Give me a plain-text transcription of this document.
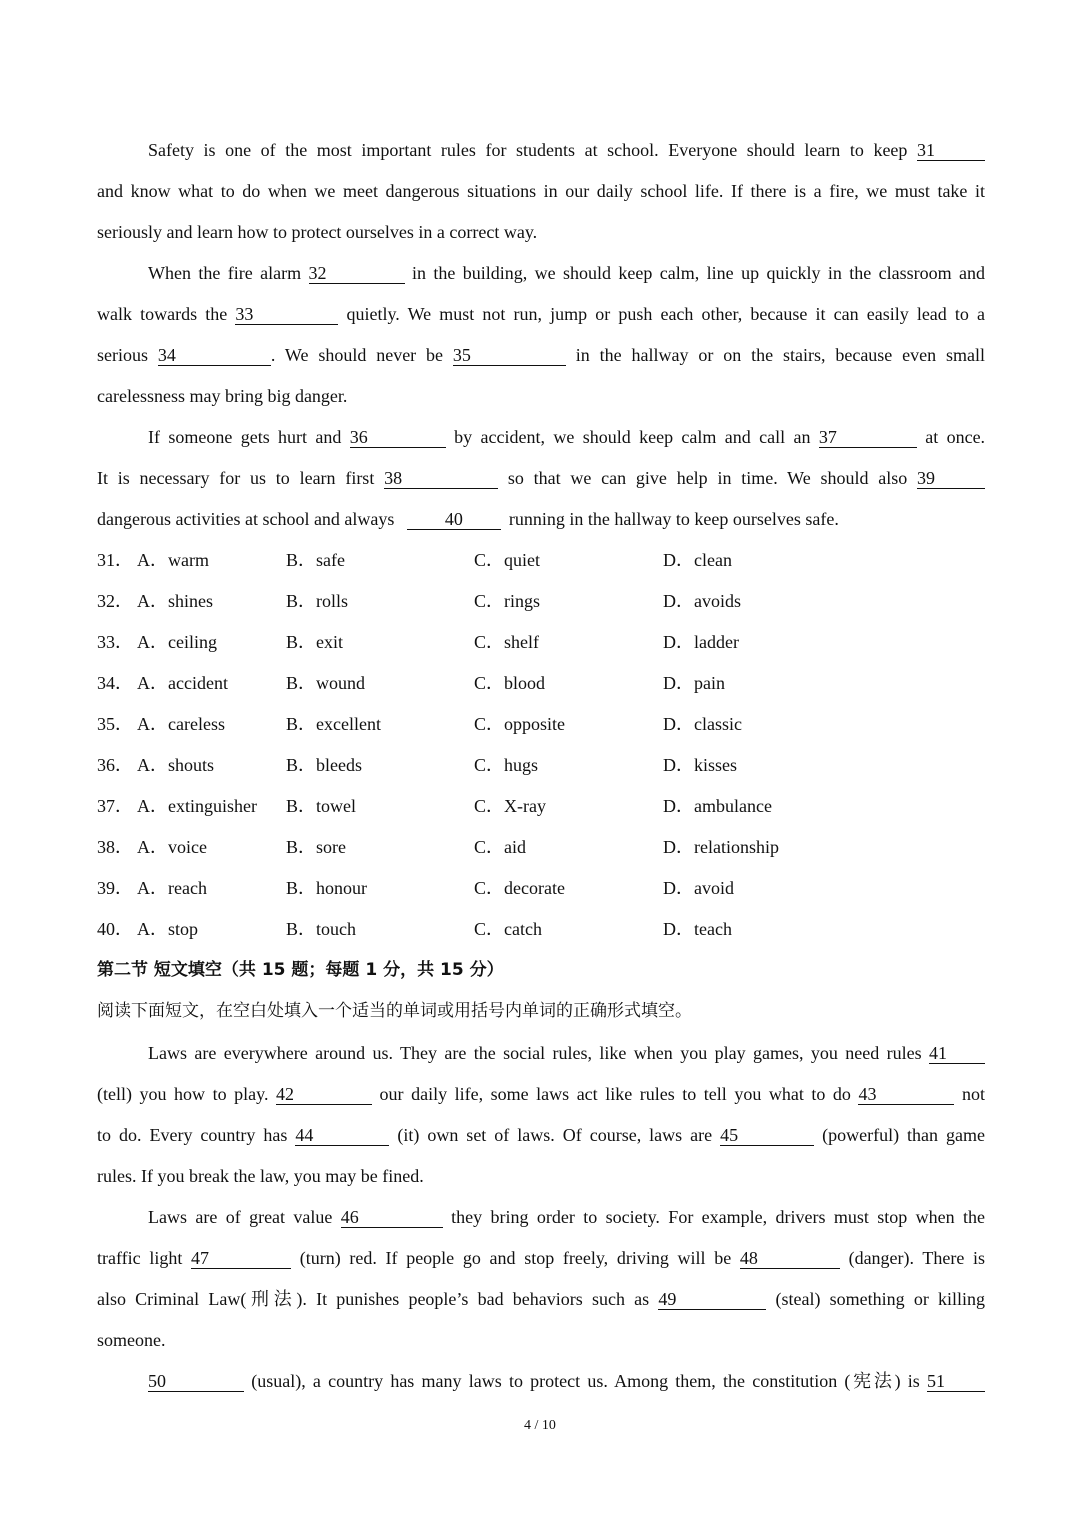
Safety is one of the most important rules for students at school. Everyone should learn to keep 31
and know what to do when we meet dangerous situations in our daily school life. If there is a fire, we must take it
seriously and learn how to protect ourselves in a correct way.
When the fire alarm 32	in the building, we should keep calm, line up quickly in the classroom and
walk towards the 33	quietly. We must not run, jump or push each other, because it can easily lead to a
serious 34	. We should never be 35	in the hallway or on the stairs, because even small
carelessness may bring big danger.
If someone gets hurt and 36	by accident, we should keep calm and call an 37	at once.
It is necessary for us to learn first 38	so that we can give help in time. We should also 39
dangerous activities at school and always	40	running in the hallway to keep ourselves safe.
31． A．warm	B．safe	C．quiet	D．clean
32． A．shines	B．rolls	C．rings	D．avoids
33． A．ceiling	B．exit	C．shelf	D．ladder
34． A．accident	B．wound	C．blood	D．pain
35． A．careless	B．excellent	C．opposite	D．classic
36． A．shouts	B．bleeds	C．hugs	D．kisses
37． A．extinguisher B．towel	C．X-ray	D．ambulance
38． A．voice	B．sore	C．aid	D．relationship
39． A．reach	B．honour	C．decorate	D．avoid
40． A．stop	B．touch	C．catch	D．teach
第二节 短文填空（共 15 题；每题 1 分，共 15 分）
阅读下面短文，在空白处填入一个适当的单词或用括号内单词的正确形式填空。
Laws are everywhere around us. They are the social rules, like when you play games, you need rules 41
(tell) you how to play. 42	our daily life, some laws act like rules to tell you what to do 43	not
to do. Every country has 44	(it) own set of laws. Of course, laws are 45	(powerful) than game
rules. If you break the law, you may be fined.
Laws are of great value 46	they bring order to society. For example, drivers must stop when the
traffic light 47	(turn) red. If people go and stop freely, driving will be 48	(danger). There is
also Criminal Law(刑法). It punishes people’s bad behaviors such as 49	(steal) something or killing
someone.
50	(usual), a country has many laws to protect us. Among them, the constitution (宪法) is 51
4 / 10
